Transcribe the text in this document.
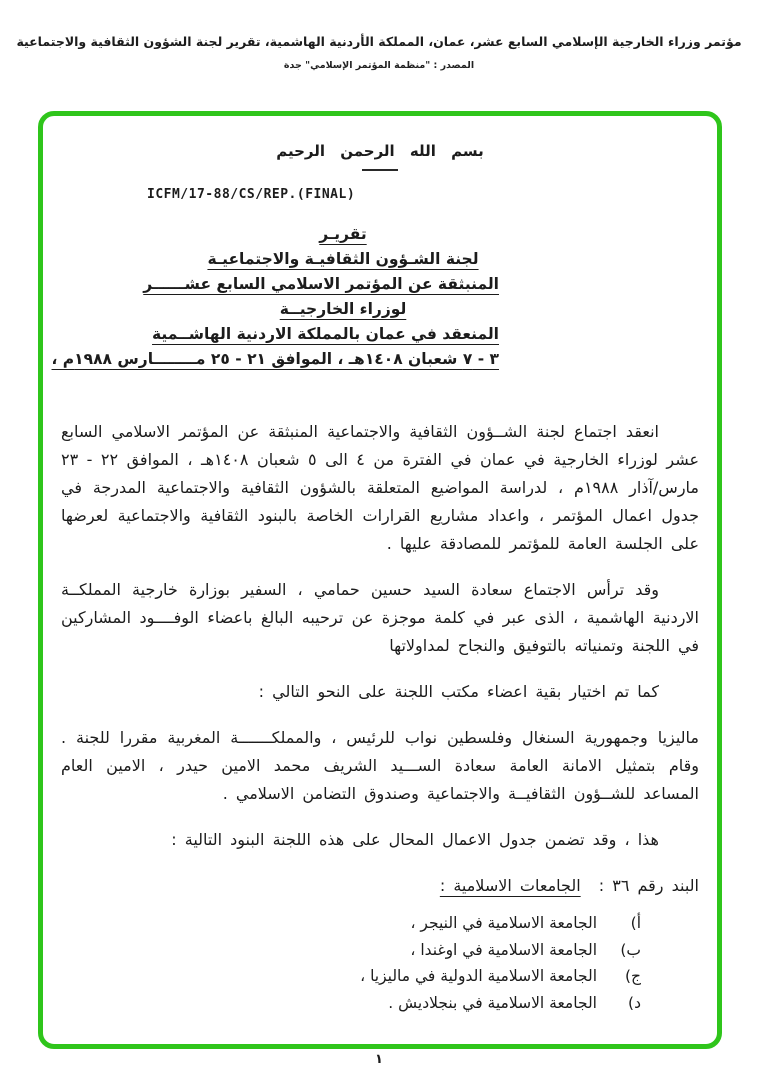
مؤتمر وزراء الخارجية الإسلامي السابع عشر، عمان، المملكة الأردنية الهاشمية، تقرير لجنة الشؤون الثقافية والاجتماعية
المصدر : "منظمة المؤتمر الإسلامي" جدة
بسم الله الرحمن الرحيم
ICFM/17-88/CS/REP.(FINAL)
تقريـر
لجنة الشـؤون الثقافيـة والاجتماعيـة
المنبثقة عن المؤتمر الاسلامي السابع عشــــــر
لوزراء الخارجيــة
المنعقد في عمان بالمملكة الاردنية الهاشــمية
٣ - ٧ شعبان ١٤٠٨هـ ، الموافق ٢١ - ٢٥ مــــــــارس ١٩٨٨م ،

انعقد اجتماع لجنة الشــؤون الثقافية والاجتماعية المنبثقة عن المؤتمر الاسلامي السابع عشر لوزراء الخارجية في عمان في الفترة من ٤ الى ٥ شعبان ١٤٠٨هـ ، الموافق ٢٢ - ٢٣ مارس/آذار ١٩٨٨م ، لدراسة المواضيع المتعلقة بالشؤون الثقافية والاجتماعية المدرجة في جدول اعمال المؤتمر ، واعداد مشاريع القرارات الخاصة بالبنود الثقافية والاجتماعية لعرضها على الجلسة العامة للمؤتمر للمصادقة عليها .

وقد ترأس الاجتماع سعادة السيد حسين حمامي ، السفير بوزارة خارجية المملكــة الاردنية الهاشمية ، الذى عبر في كلمة موجزة عن ترحيبه البالغ باعضاء الوفــــود المشاركين في اللجنة وتمنياته بالتوفيق والنجاح لمداولاتها

كما تم اختيار بقية اعضاء مكتب اللجنة على النحو التالي :

ماليزيا وجمهورية السنغال وفلسطين نواب للرئيس ، والمملكـــــــة المغربية مقررا للجنة . وقام بتمثيل الامانة العامة سعادة الســـيد الشريف محمد الامين حيدر ، الامين العام المساعد للشــؤون الثقافيــة والاجتماعية وصندوق التضامن الاسلامي .

هذا ، وقد تضمن جدول الاعمال المحال على هذه اللجنة البنود التالية :

البند رقم ٣٦ : الجامعات الاسلامية :
أ)
الجامعة الاسلامية في النيجر ،
ب)
الجامعة الاسلامية في اوغندا ،
ج)
الجامعة الاسلامية الدولية في ماليزيا ،
د)
الجامعة الاسلامية في بنجلاديش .
١
